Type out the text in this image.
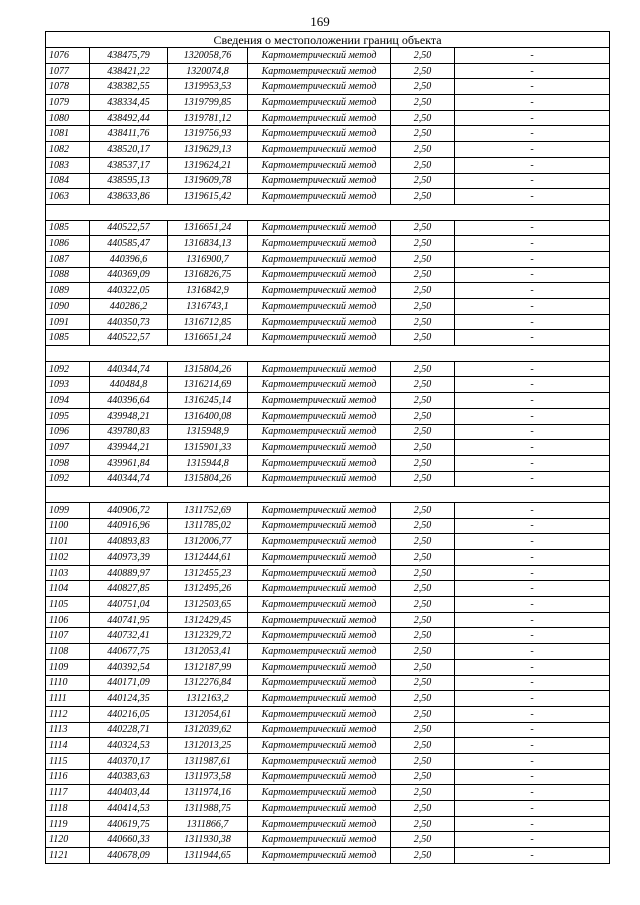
169
Сведения о местоположении границ объекта					
1076	438475,79	1320058,76	Картометрический метод	2,50	-
1077	438421,22	1320074,8	Картометрический метод	2,50	-
1078	438382,55	1319953,53	Картометрический метод	2,50	-
1079	438334,45	1319799,85	Картометрический метод	2,50	-
1080	438492,44	1319781,12	Картометрический метод	2,50	-
1081	438411,76	1319756,93	Картометрический метод	2,50	-
1082	438520,17	1319629,13	Картометрический метод	2,50	-
1083	438537,17	1319624,21	Картометрический метод	2,50	-
1084	438595,13	1319609,78	Картометрический метод	2,50	-
1063	438633,86	1319615,42	Картометрический метод	2,50	-

1085	440522,57	1316651,24	Картометрический метод	2,50	-
1086	440585,47	1316834,13	Картометрический метод	2,50	-
1087	440396,6	1316900,7	Картометрический метод	2,50	-
1088	440369,09	1316826,75	Картометрический метод	2,50	-
1089	440322,05	1316842,9	Картометрический метод	2,50	-
1090	440286,2	1316743,1	Картометрический метод	2,50	-
1091	440350,73	1316712,85	Картометрический метод	2,50	-
1085	440522,57	1316651,24	Картометрический метод	2,50	-

1092	440344,74	1315804,26	Картометрический метод	2,50	-
1093	440484,8	1316214,69	Картометрический метод	2,50	-
1094	440396,64	1316245,14	Картометрический метод	2,50	-
1095	439948,21	1316400,08	Картометрический метод	2,50	-
1096	439780,83	1315948,9	Картометрический метод	2,50	-
1097	439944,21	1315901,33	Картометрический метод	2,50	-
1098	439961,84	1315944,8	Картометрический метод	2,50	-
1092	440344,74	1315804,26	Картометрический метод	2,50	-

1099	440906,72	1311752,69	Картометрический метод	2,50	-
1100	440916,96	1311785,02	Картометрический метод	2,50	-
1101	440893,83	1312006,77	Картометрический метод	2,50	-
1102	440973,39	1312444,61	Картометрический метод	2,50	-
1103	440889,97	1312455,23	Картометрический метод	2,50	-
1104	440827,85	1312495,26	Картометрический метод	2,50	-
1105	440751,04	1312503,65	Картометрический метод	2,50	-
1106	440741,95	1312429,45	Картометрический метод	2,50	-
1107	440732,41	1312329,72	Картометрический метод	2,50	-
1108	440677,75	1312053,41	Картометрический метод	2,50	-
1109	440392,54	1312187,99	Картометрический метод	2,50	-
1110	440171,09	1312276,84	Картометрический метод	2,50	-
1111	440124,35	1312163,2	Картометрический метод	2,50	-
1112	440216,05	1312054,61	Картометрический метод	2,50	-
1113	440228,71	1312039,62	Картометрический метод	2,50	-
1114	440324,53	1312013,25	Картометрический метод	2,50	-
1115	440370,17	1311987,61	Картометрический метод	2,50	-
1116	440383,63	1311973,58	Картометрический метод	2,50	-
1117	440403,44	1311974,16	Картометрический метод	2,50	-
1118	440414,53	1311988,75	Картометрический метод	2,50	-
1119	440619,75	1311866,7	Картометрический метод	2,50	-
1120	440660,33	1311930,38	Картометрический метод	2,50	-
1121	440678,09	1311944,65	Картометрический метод	2,50	-
